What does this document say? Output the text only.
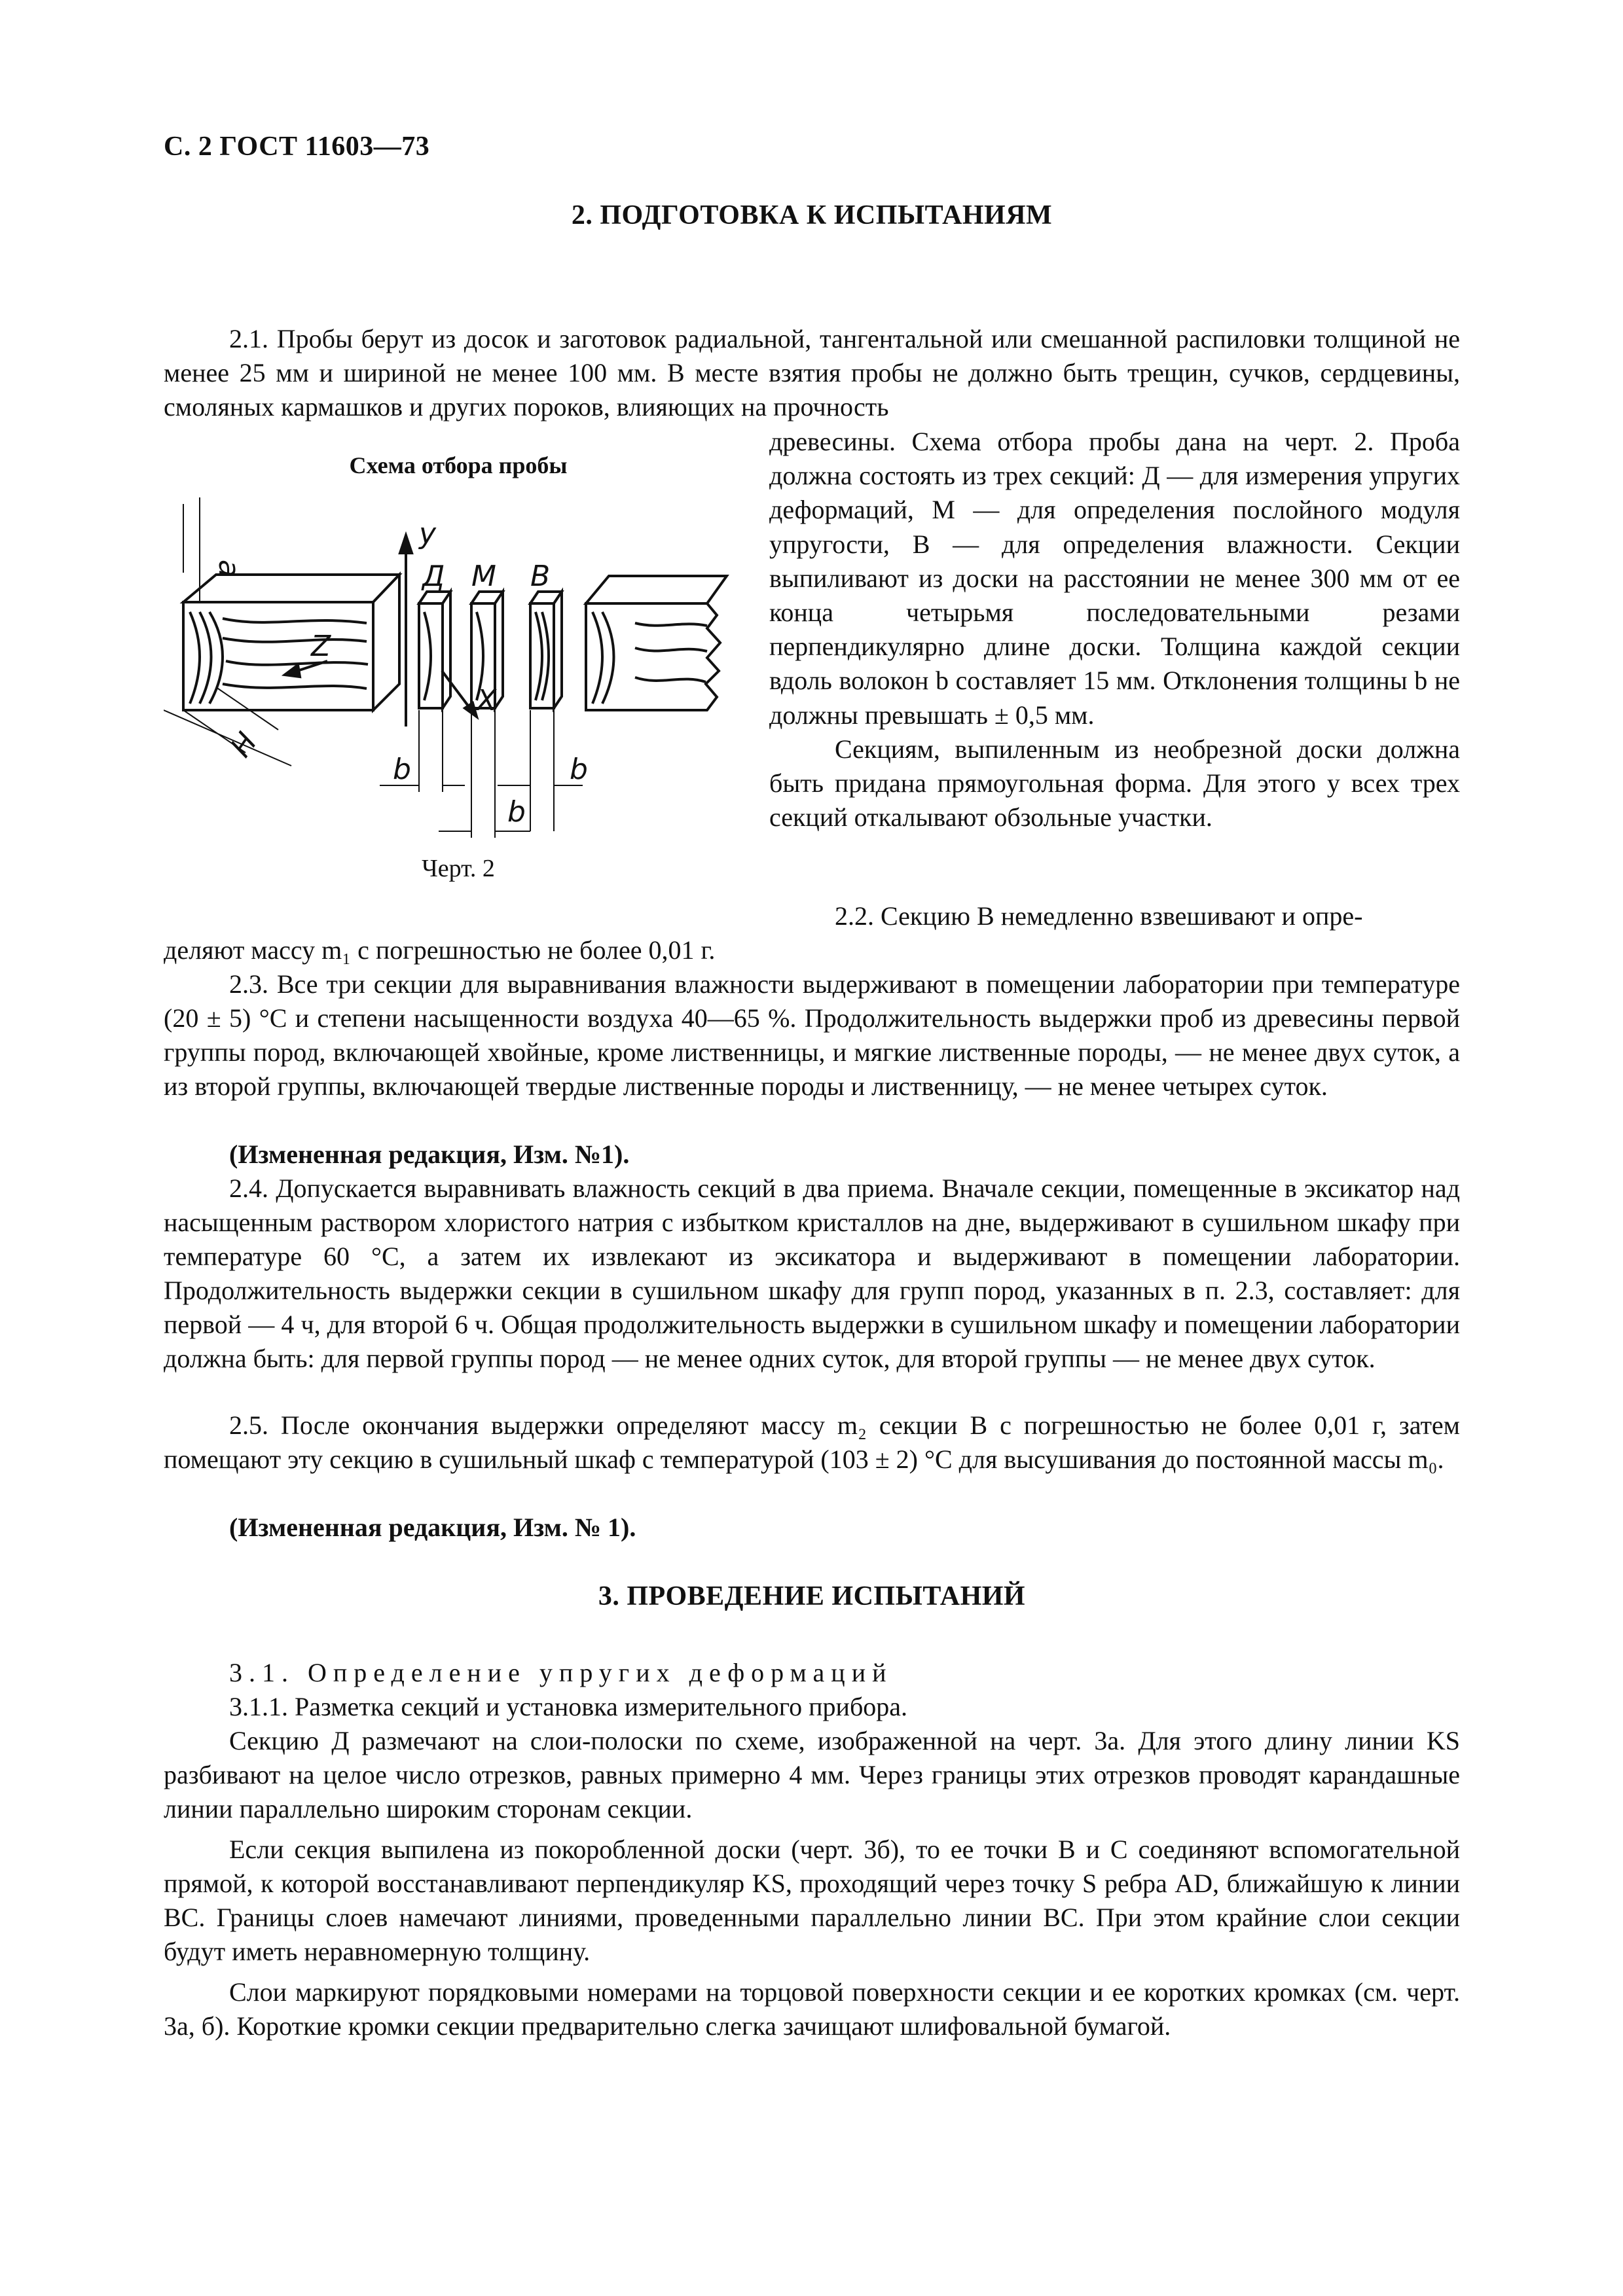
С. 2 ГОСТ 11603—73
2. ПОДГОТОВКА К ИСПЫТАНИЯМ

2.1. Пробы берут из досок и заготовок радиальной, тангентальной или смешанной распиловки толщиной не менее 25 мм и шириной не менее 100 мм. В месте взятия пробы не должно быть трещин, сучков, сердцевины, смоляных кармашков и других пороков, влияющих на прочность

Схема отбора пробы
у
а	Д М В
Z
X
Н
b	b
b
Черт. 2
древесины. Схема отбора пробы дана на черт. 2. Проба должна состоять из трех секций: Д — для измерения упругих деформаций, М — для определения послойного модуля упругости, В — для определения влажности. Секции выпиливают из доски на расстоянии не менее 300 мм от ее конца четырьмя последовательными резами перпендикулярно длине доски. Толщина каждой секции вдоль волокон b составляет 15 мм. Отклонения толщины b не должны превышать ± 0,5 мм.
Секциям, выпиленным из необрезной доски должна быть придана прямоугольная форма. Для этого у всех трех секций откалывают обзольные участки.

2.2. Секцию В немедленно взвешивают и опре-

деляют массу m₁ с погрешностью не более 0,01 г.

2.3. Все три секции для выравнивания влажности выдерживают в помещении лаборатории при температуре (20 ± 5) °С и степени насыщенности воздуха 40—65 %. Продолжительность выдержки проб из древесины первой группы пород, включающей хвойные, кроме лиственницы, и мягкие лиственные породы, — не менее двух суток, а из второй группы, включающей твердые лиственные породы и лиственницу, — не менее четырех суток.

(Измененная редакция, Изм. №1).

2.4. Допускается выравнивать влажность секций в два приема. Вначале секции, помещенные в эксикатор над насыщенным раствором хлористого натрия с избытком кристаллов на дне, выдерживают в сушильном шкафу при температуре 60 °С, а затем их извлекают из эксикатора и выдерживают в помещении лаборатории. Продолжительность выдержки секции в сушильном шкафу для групп пород, указанных в п. 2.3, составляет: для первой — 4 ч, для второй 6 ч. Общая продолжительность выдержки в сушильном шкафу и помещении лаборатории должна быть: для первой группы пород — не менее одних суток, для второй группы — не менее двух суток.

2.5. После окончания выдержки определяют массу m₂ секции В с погрешностью не более 0,01 г, затем помещают эту секцию в сушильный шкаф с температурой (103 ± 2) °С для высушивания до постоянной массы m₀.

(Измененная редакция, Изм. № 1).

3. ПРОВЕДЕНИЕ ИСПЫТАНИЙ

3.1. Определение упругих деформаций

3.1.1. Разметка секций и установка измерительного прибора.

Секцию Д размечают на слои-полоски по схеме, изображенной на черт. 3а. Для этого длину линии KS разбивают на целое число отрезков, равных примерно 4 мм. Через границы этих отрезков проводят карандашные линии параллельно широким сторонам секции.

Если секция выпилена из покоробленной доски (черт. 3б), то ее точки В и С соединяют вспомогательной прямой, к которой восстанавливают перпендикуляр KS, проходящий через точку S ребра AD, ближайшую к линии BC. Границы слоев намечают линиями, проведенными параллельно линии BC. При этом крайние слои секции будут иметь неравномерную толщину.

Слои маркируют порядковыми номерами на торцовой поверхности секции и ее коротких кромках (см. черт. 3а, б). Короткие кромки секции предварительно слегка зачищают шлифовальной бумагой.
